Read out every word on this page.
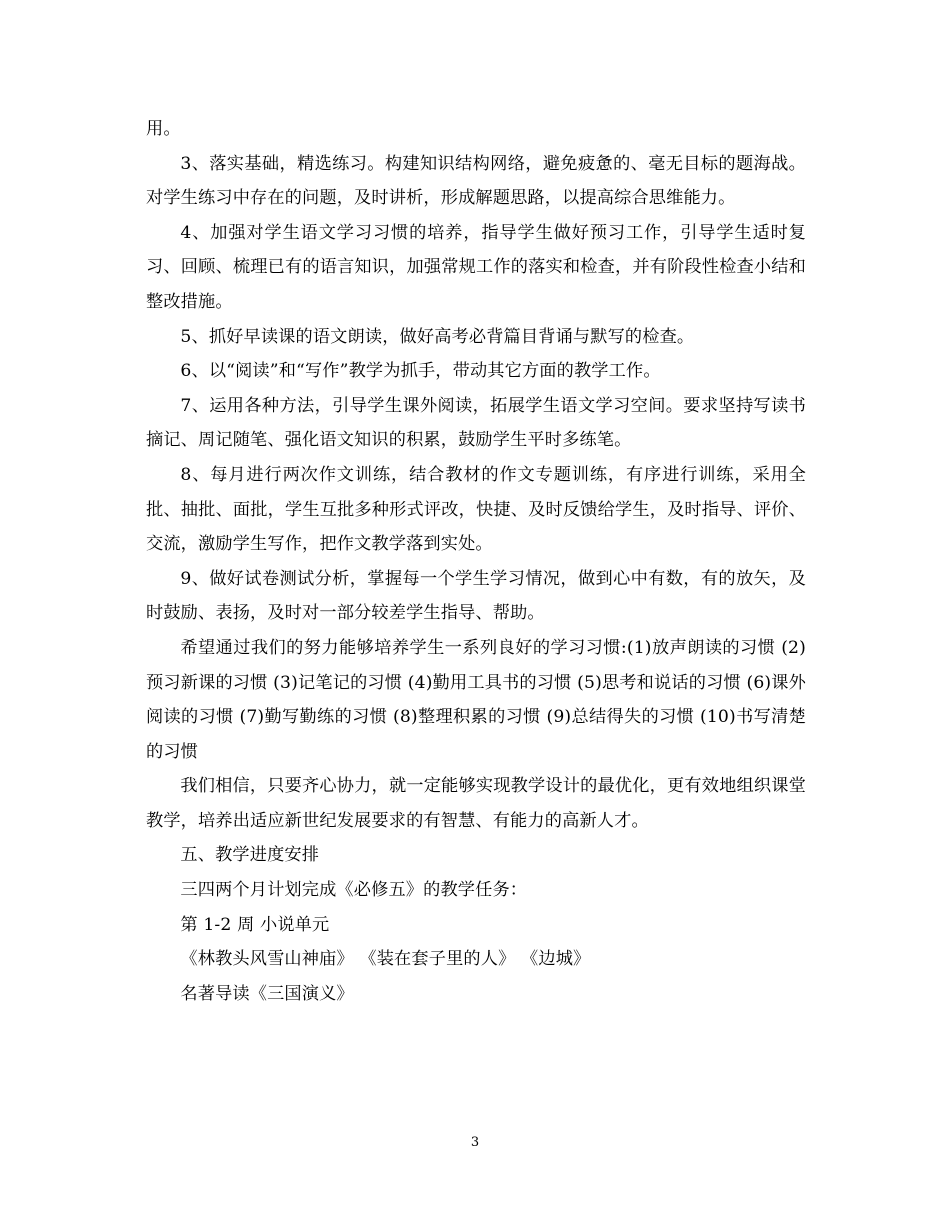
用。

3、落实基础，精选练习。构建知识结构网络，避免疲惫的、毫无目标的题海战。对学生练习中存在的问题，及时讲析，形成解题思路，以提高综合思维能力。

4、加强对学生语文学习习惯的培养，指导学生做好预习工作，引导学生适时复习、回顾、梳理已有的语言知识，加强常规工作的落实和检查，并有阶段性检查小结和整改措施。

5、抓好早读课的语文朗读，做好高考必背篇目背诵与默写的检查。

6、以“阅读”和“写作”教学为抓手，带动其它方面的教学工作。

7、运用各种方法，引导学生课外阅读，拓展学生语文学习空间。要求坚持写读书摘记、周记随笔、强化语文知识的积累，鼓励学生平时多练笔。

8、每月进行两次作文训练，结合教材的作文专题训练，有序进行训练，采用全批、抽批、面批，学生互批多种形式评改，快捷、及时反馈给学生，及时指导、评价、交流，激励学生写作，把作文教学落到实处。

9、做好试卷测试分析，掌握每一个学生学习情况，做到心中有数，有的放矢，及时鼓励、表扬，及时对一部分较差学生指导、帮助。

希望通过我们的努力能够培养学生一系列良好的学习习惯:(1)放声朗读的习惯 (2)预习新课的习惯 (3)记笔记的习惯 (4)勤用工具书的习惯 (5)思考和说话的习惯 (6)课外阅读的习惯 (7)勤写勤练的习惯 (8)整理积累的习惯 (9)总结得失的习惯 (10)书写清楚的习惯

我们相信，只要齐心协力，就一定能够实现教学设计的最优化，更有效地组织课堂教学，培养出适应新世纪发展要求的有智慧、有能力的高新人才。

五、教学进度安排

三四两个月计划完成《必修五》的教学任务：

第 1-2 周 小说单元

《林教头风雪山神庙》 《装在套子里的人》 《边城》

名著导读《三国演义》

3
